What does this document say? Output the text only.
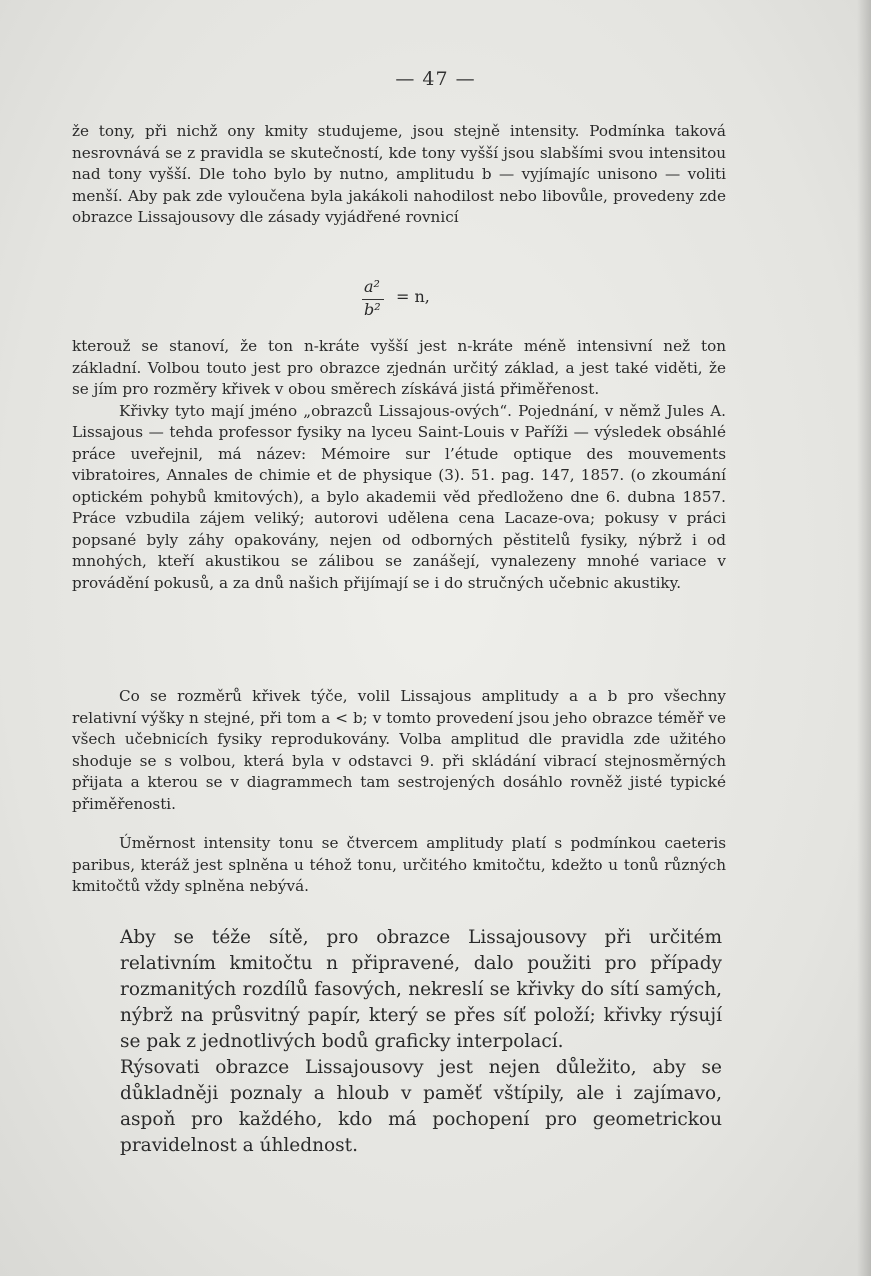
— 47 —

že tony, při nichž ony kmity studujeme, jsou stejně intensity. Podmínka taková nesrovnává se z pravidla se skutečností, kde tony vyšší jsou slabšími svou intensitou nad tony vyšší. Dle toho bylo by nutno, amplitudu b — vyjímajíc unisono — voliti menší. Aby pak zde vyloučena byla jakákoli nahodilost nebo libovůle, provedeny zde obrazce Lissajousovy dle zásady vyjádřené rovnicí

a²
b²
= n,

kterouž se stanoví, že ton n-kráte vyšší jest n-kráte méně intensivní než ton základní. Volbou touto jest pro obrazce zjednán určitý základ, a jest také viděti, že se jím pro rozměry křivek v obou směrech získává jistá přiměřenost.

Křivky tyto mají jméno „obrazců Lissajous-ových“. Pojednání, v němž Jules A. Lissajous — tehda professor fysiky na lyceu Saint-Louis v Paříži — výsledek obsáhlé práce uveřejnil, má název: Mémoire sur l’étude optique des mouvements vibratoires, Annales de chimie et de physique (3). 51. pag. 147, 1857. (o zkoumání optickém pohybů kmitových), a bylo akademii věd předloženo dne 6. dubna 1857. Práce vzbudila zájem veliký; autorovi udělena cena Lacaze-ova; pokusy v práci popsané byly záhy opakovány, nejen od odborných pěstitelů fysiky, nýbrž i od mnohých, kteří akustikou se zálibou se zanášejí, vynalezeny mnohé variace v provádění pokusů, a za dnů našich přijímají se i do stručných učebnic akustiky.

Co se rozměrů křivek týče, volil Lissajous amplitudy a a b pro všechny relativní výšky n stejné, při tom a < b; v tomto provedení jsou jeho obrazce téměř ve všech učebnicích fysiky reprodukovány. Volba amplitud dle pravidla zde užitého shoduje se s volbou, která byla v odstavci 9. při skládání vibrací stejnosměrných přijata a kterou se v diagrammech tam sestrojených dosáhlo rovněž jisté typické přiměřenosti.

Úměrnost intensity tonu se čtvercem amplitudy platí s podmínkou caeteris paribus, kteráž jest splněna u téhož tonu, určitého kmitočtu, kdežto u tonů různých kmitočtů vždy splněna nebývá.

Aby se téže sítě, pro obrazce Lissajousovy při určitém relativním kmitočtu n připravené, dalo použiti pro případy rozmanitých rozdílů fasových, nekreslí se křivky do sítí samých, nýbrž na průsvitný papír, který se přes síť položí; křivky rýsují se pak z jednotlivých bodů graficky interpolací.

Rýsovati obrazce Lissajousovy jest nejen důležito, aby se důkladněji poznaly a hloub v paměť vštípily, ale i zajímavo, aspoň pro každého, kdo má pochopení pro geometrickou pravidelnost a úhlednost.
